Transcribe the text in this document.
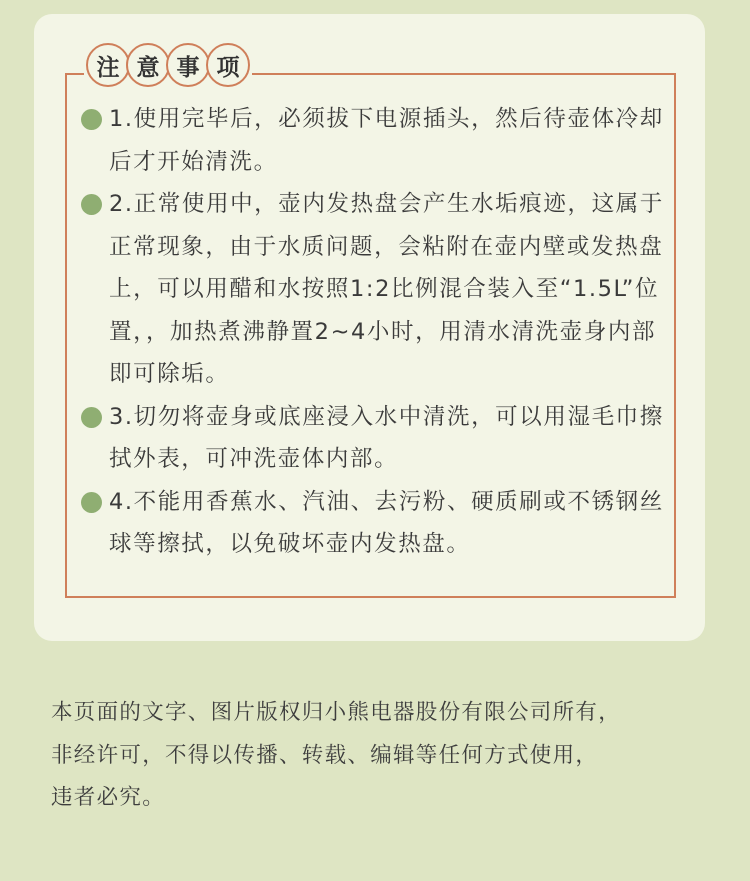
注 意 事 项
1.使用完毕后，必须拔下电源插头，然后待壶体冷却后才开始清洗。
2.正常使用中，壶内发热盘会产生水垢痕迹，这属于正常现象，由于水质问题，会粘附在壶内壁或发热盘上，可以用醋和水按照1:2比例混合装入至“1.5L”位置，，加热煮沸静置2~4小时，用清水清洗壶身内部即可除垢。
3.切勿将壶身或底座浸入水中清洗，可以用湿毛巾擦拭外表，可冲洗壶体内部。
4.不能用香蕉水、汽油、去污粉、硬质刷或不锈钢丝球等擦拭，以免破坏壶内发热盘。
本页面的文字、图片版权归小熊电器股份有限公司所有，
非经许可，不得以传播、转载、编辑等任何方式使用，
违者必究。
